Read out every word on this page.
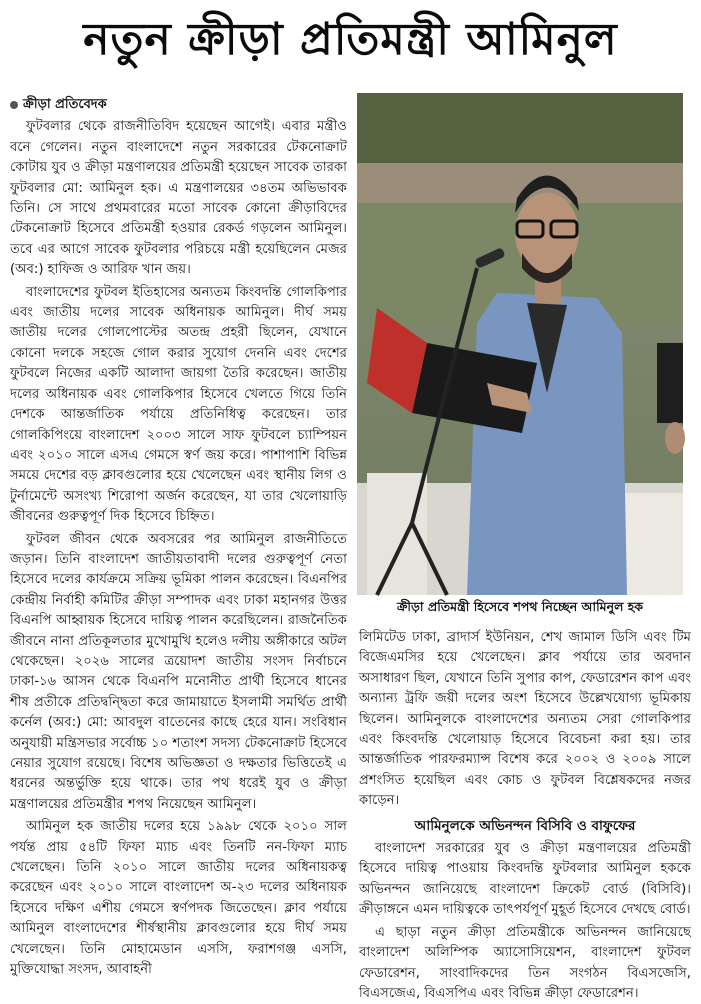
নতুন ক্রীড়া প্রতিমন্ত্রী আমিনুল
ক্রীড়া প্রতিবেদক

ফুটবলার থেকে রাজনীতিবিদ হয়েছেন আগেই। এবার মন্ত্রীও বনে গেলেন। নতুন বাংলাদেশে নতুন সরকারের টেকনোক্রাট কোটায় যুব ও ক্রীড়া মন্ত্রণালয়ের প্রতিমন্ত্রী হয়েছেন সাবেক তারকা ফুটবলার মো: আমিনুল হক। এ মন্ত্রণালয়ের ৩৪তম অভিভাবক তিনি। সে সাথে প্রথমবারের মতো সাবেক কোনো ক্রীড়াবিদের টেকনোক্রাট হিসেবে প্রতিমন্ত্রী হওয়ার রেকর্ড গড়লেন আমিনুল। তবে এর আগে সাবেক ফুটবলার পরিচয়ে মন্ত্রী হয়েছিলেন মেজর (অব:) হাফিজ ও আরিফ খান জয়।

বাংলাদেশের ফুটবল ইতিহাসের অন্যতম কিংবদন্তি গোলকিপার এবং জাতীয় দলের সাবেক অধিনায়ক আমিনুল। দীর্ঘ সময় জাতীয় দলের গোলপোস্টের অতন্দ্র প্রহরী ছিলেন, যেখানে কোনো দলকে সহজে গোল করার সুযোগ দেননি এবং দেশের ফুটবলে নিজের একটি আলাদা জায়গা তৈরি করেছেন। জাতীয় দলের অধিনায়ক এবং গোলকিপার হিসেবে খেলতে গিয়ে তিনি দেশকে আন্তর্জাতিক পর্যায়ে প্রতিনিধিত্ব করেছেন। তার গোলকিপিংয়ে বাংলাদেশ ২০০৩ সালে সাফ ফুটবলে চ্যাম্পিয়ন এবং ২০১০ সালে এসএ গেমসে স্বর্ণ জয় করে। পাশাপাশি বিভিন্ন সময়ে দেশের বড় ক্লাবগুলোর হয়ে খেলেছেন এবং স্থানীয় লিগ ও টুর্নামেন্টে অসংখ্য শিরোপা অর্জন করেছেন, যা তার খেলোয়াড়ি জীবনের গুরুত্বপূর্ণ দিক হিসেবে চিহ্নিত।

ফুটবল জীবন থেকে অবসরের পর আমিনুল রাজনীতিতে জড়ান। তিনি বাংলাদেশ জাতীয়তাবাদী দলের গুরুত্বপূর্ণ নেতা হিসেবে দলের কার্যক্রমে সক্রিয় ভূমিকা পালন করেছেন। বিএনপির কেন্দ্রীয় নির্বাহী কমিটির ক্রীড়া সম্পাদক এবং ঢাকা মহানগর উত্তর বিএনপি আহ্বায়ক হিসেবে দায়িত্ব পালন করেছিলেন। রাজনৈতিক জীবনে নানা প্রতিকূলতার মুখোমুখি হলেও দলীয় অঙ্গীকারে অটল থেকেছেন। ২০২৬ সালের ত্রয়োদশ জাতীয় সংসদ নির্বাচনে ঢাকা-১৬ আসন থেকে বিএনপি মনোনীত প্রার্থী হিসেবে ধানের শীষ প্রতীকে প্রতিদ্বন্দ্বিতা করে জামায়াতে ইসলামী সমর্থিত প্রার্থী কর্নেল (অব:) মো: আবদুল বাতেনের কাছে হেরে যান। সংবিধান অনুযায়ী মন্ত্রিসভার সর্বোচ্চ ১০ শতাংশ সদস্য টেকনোক্রাট হিসেবে নেয়ার সুযোগ রয়েছে। বিশেষ অভিজ্ঞতা ও দক্ষতার ভিত্তিতেই এ ধরনের অন্তর্ভুক্তি হয়ে থাকে। তার পথ ধরেই যুব ও ক্রীড়া মন্ত্রণালয়ের প্রতিমন্ত্রীর শপথ নিয়েছেন আমিনুল।

আমিনুল হক জাতীয় দলের হয়ে ১৯৯৮ থেকে ২০১০ সাল পর্যন্ত প্রায় ৫৪টি ফিফা ম্যাচ এবং তিনটি নন-ফিফা ম্যাচ খেলেছেন। তিনি ২০১০ সালে জাতীয় দলের অধিনায়কত্ব করেছেন এবং ২০১০ সালে বাংলাদেশ অ-২৩ দলের অধিনায়ক হিসেবে দক্ষিণ এশীয় গেমসে স্বর্ণপদক জিতেছেন। ক্লাব পর্যায়ে আমিনুল বাংলাদেশের শীর্ষস্থানীয় ক্লাবগুলোর হয়ে দীর্ঘ সময় খেলেছেন। তিনি মোহামেডান এসসি, ফরাশগঞ্জ এসসি, মুক্তিযোদ্ধা সংসদ, আবাহনী

ক্রীড়া প্রতিমন্ত্রী হিসেবে শপথ নিচ্ছেন আমিনুল হক

লিমিটেড ঢাকা, ব্রাদার্স ইউনিয়ন, শেখ জামাল ডিসি এবং টিম বিজেএমসির হয়ে খেলেছেন। ক্লাব পর্যায়ে তার অবদান অসাধারণ ছিল, যেখানে তিনি সুপার কাপ, ফেডারেশন কাপ এবং অন্যান্য ট্রফি জয়ী দলের অংশ হিসেবে উল্লেখযোগ্য ভূমিকায় ছিলেন। আমিনুলকে বাংলাদেশের অন্যতম সেরা গোলকিপার এবং কিংবদন্তি খেলোয়াড় হিসেবে বিবেচনা করা হয়। তার আন্তর্জাতিক পারফরম্যান্স বিশেষ করে ২০০২ ও ২০০৯ সালে প্রশংসিত হয়েছিল এবং কোচ ও ফুটবল বিশ্লেষকদের নজর কাড়েন।

আমিনুলকে অভিনন্দন বিসিবি ও বাফুফের

বাংলাদেশ সরকারের যুব ও ক্রীড়া মন্ত্রণালয়ের প্রতিমন্ত্রী হিসেবে দায়িত্ব পাওয়ায় কিংবদন্তি ফুটবলার আমিনুল হককে অভিনন্দন জানিয়েছে বাংলাদেশ ক্রিকেট বোর্ড (বিসিবি)। ক্রীড়াঙ্গনে এমন দায়িত্বকে তাৎপর্যপূর্ণ মুহূর্ত হিসেবে দেখছে বোর্ড।

এ ছাড়া নতুন ক্রীড়া প্রতিমন্ত্রীকে অভিনন্দন জানিয়েছে বাংলাদেশ অলিম্পিক অ্যাসোসিয়েশন, বাংলাদেশ ফুটবল ফেডারেশন, সাংবাদিকদের তিন সংগঠন বিএসজেসি, বিএসজেএ, বিএসপিএ এবং বিভিন্ন ক্রীড়া ফেডারেশন।
